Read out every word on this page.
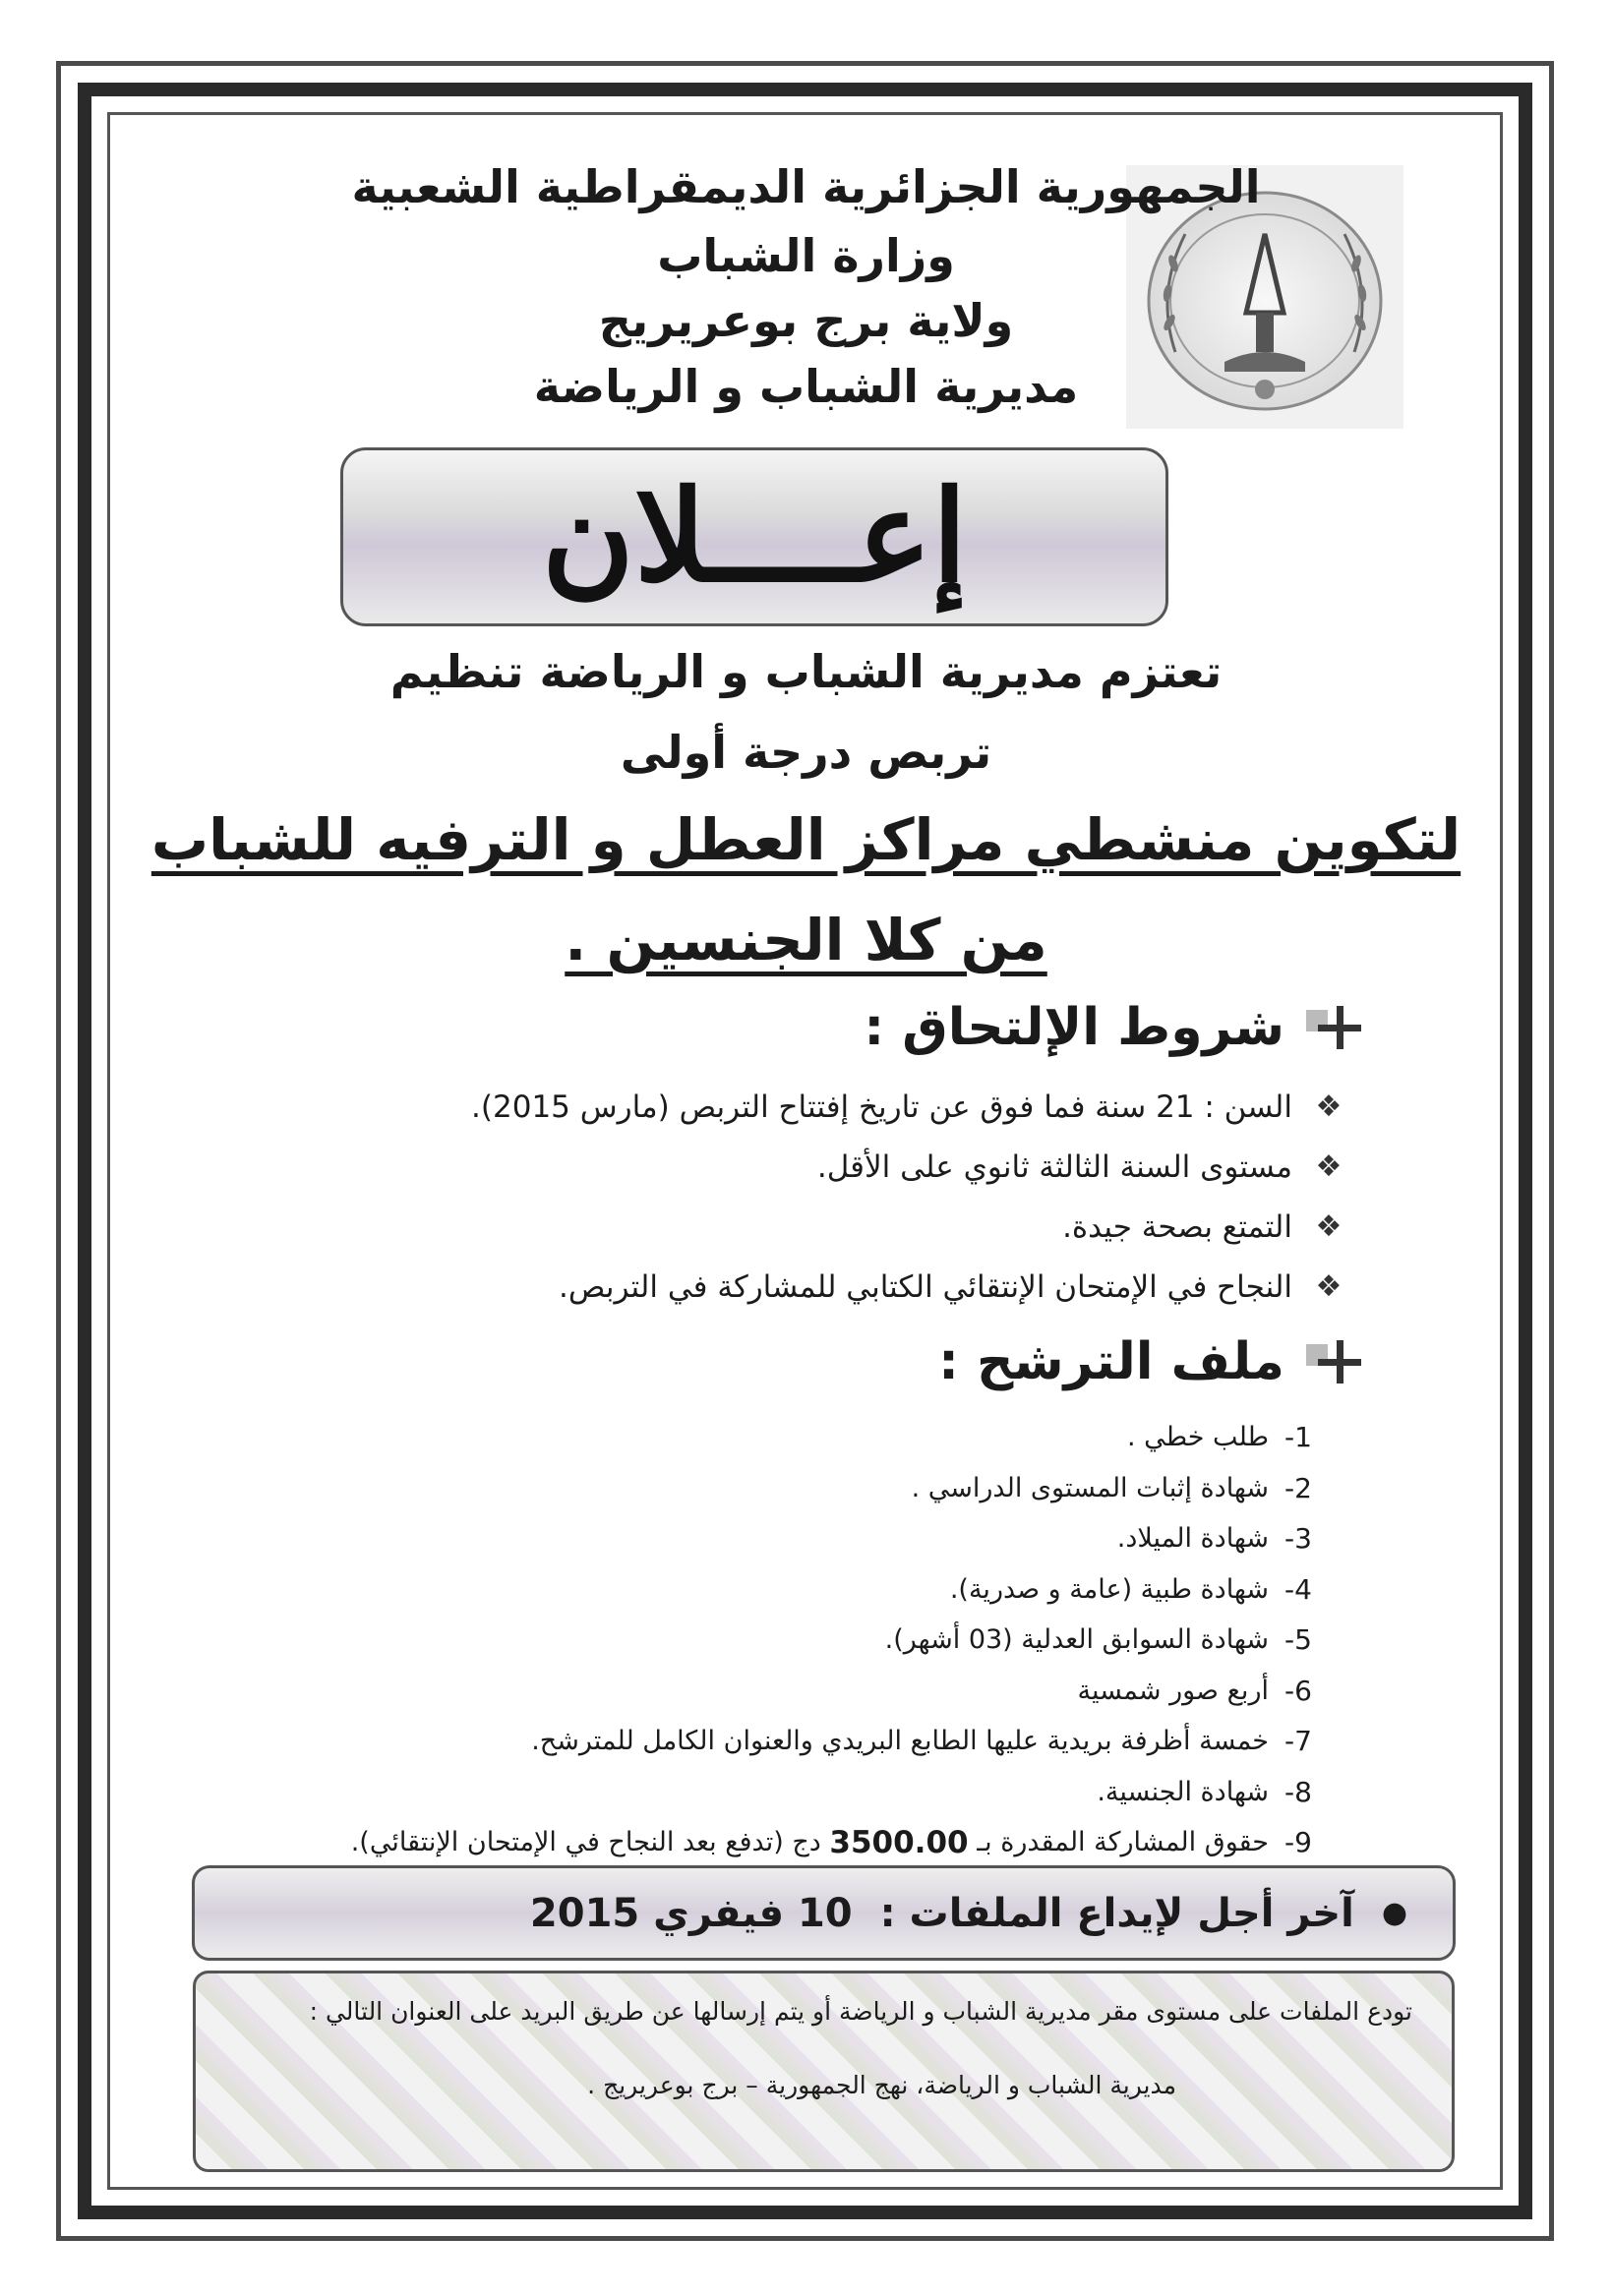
الجمهورية الجزائرية الديمقراطية الشعبية
وزارة الشباب
ولاية برج بوعريريج
مديرية الشباب و الرياضة
إعــــلان
تعتزم مديرية الشباب و الرياضة تنظيم
تربص درجة أولى
لتكوين منشطي مراكز العطل و الترفيه للشباب
من كلا الجنسين .
شروط الإلتحاق :
❖
السن : 21 سنة فما فوق عن تاريخ إفتتاح التربص (مارس 2015).
❖
مستوى السنة الثالثة ثانوي على الأقل.
❖
التمتع بصحة جيدة.
❖
النجاح في الإمتحان الإنتقائي الكتابي للمشاركة في التربص.
ملف الترشح :
-1
طلب خطي .
-2
شهادة إثبات المستوى الدراسي .
-3
شهادة الميلاد.
-4
شهادة طبية (عامة و صدرية).
-5
شهادة السوابق العدلية (03 أشهر).
-6
أربع صور شمسية
-7
خمسة أظرفة بريدية عليها الطابع البريدي والعنوان الكامل للمترشح.
-8
شهادة الجنسية.
-9
حقوق المشاركة المقدرة بـ

3500.00

دج (تدفع بعد النجاح في الإمتحان الإنتقائي).
●
آخر أجل لإيداع الملفات :
10 فيفري 2015

تودع الملفات على مستوى مقر مديرية الشباب و الرياضة أو يتم إرسالها عن طريق البريد على العنوان التالي :

مديرية الشباب و الرياضة، نهج الجمهورية – برج بوعريريج .
